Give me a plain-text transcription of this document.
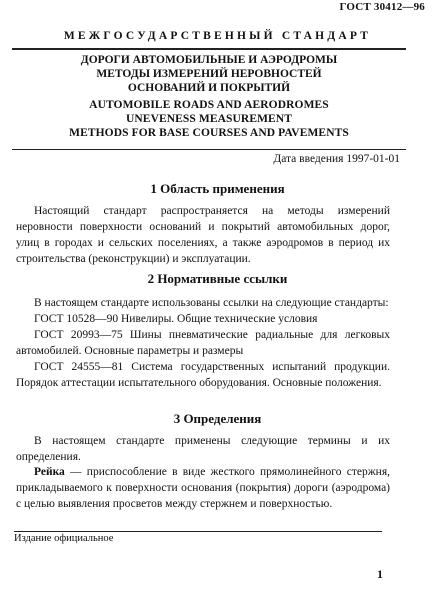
ГОСТ 30412—96
МЕЖГОСУДАРСТВЕННЫЙ СТАНДАРТ
ДОРОГИ АВТОМОБИЛЬНЫЕ И АЭРОДРОМЫ
МЕТОДЫ ИЗМЕРЕНИЙ НЕРОВНОСТЕЙ
ОСНОВАНИЙ И ПОКРЫТИЙ
AUTOMOBILE ROADS AND AERODROMES
UNEVENESS MEASUREMENT
METHODS FOR BASE COURSES AND PAVEMENTS
Дата введения 1997-01-01
1 Область применения
Настоящий стандарт распространяется на методы измерений неровности поверхности оснований и покрытий автомобильных дорог, улиц в городах и сельских поселениях, а также аэродромов в период их строительства (реконструкции) и эксплуатации.
2 Нормативные ссылки
В настоящем стандарте использованы ссылки на следующие стандарты:
ГОСТ 10528—90 Нивелиры. Общие технические условия
ГОСТ 20993—75 Шины пневматические радиальные для легковых автомобилей. Основные параметры и размеры
ГОСТ 24555—81 Система государственных испытаний продукции. Порядок аттестации испытательного оборудования. Основные положения.
3 Определения
В настоящем стандарте применены следующие термины и их определения.
Рейка — приспособление в виде жесткого прямолинейного стержня, прикладываемого к поверхности основания (покрытия) дороги (аэродрома) с целью выявления просветов между стержнем и поверхностью.
Издание официальное
1
